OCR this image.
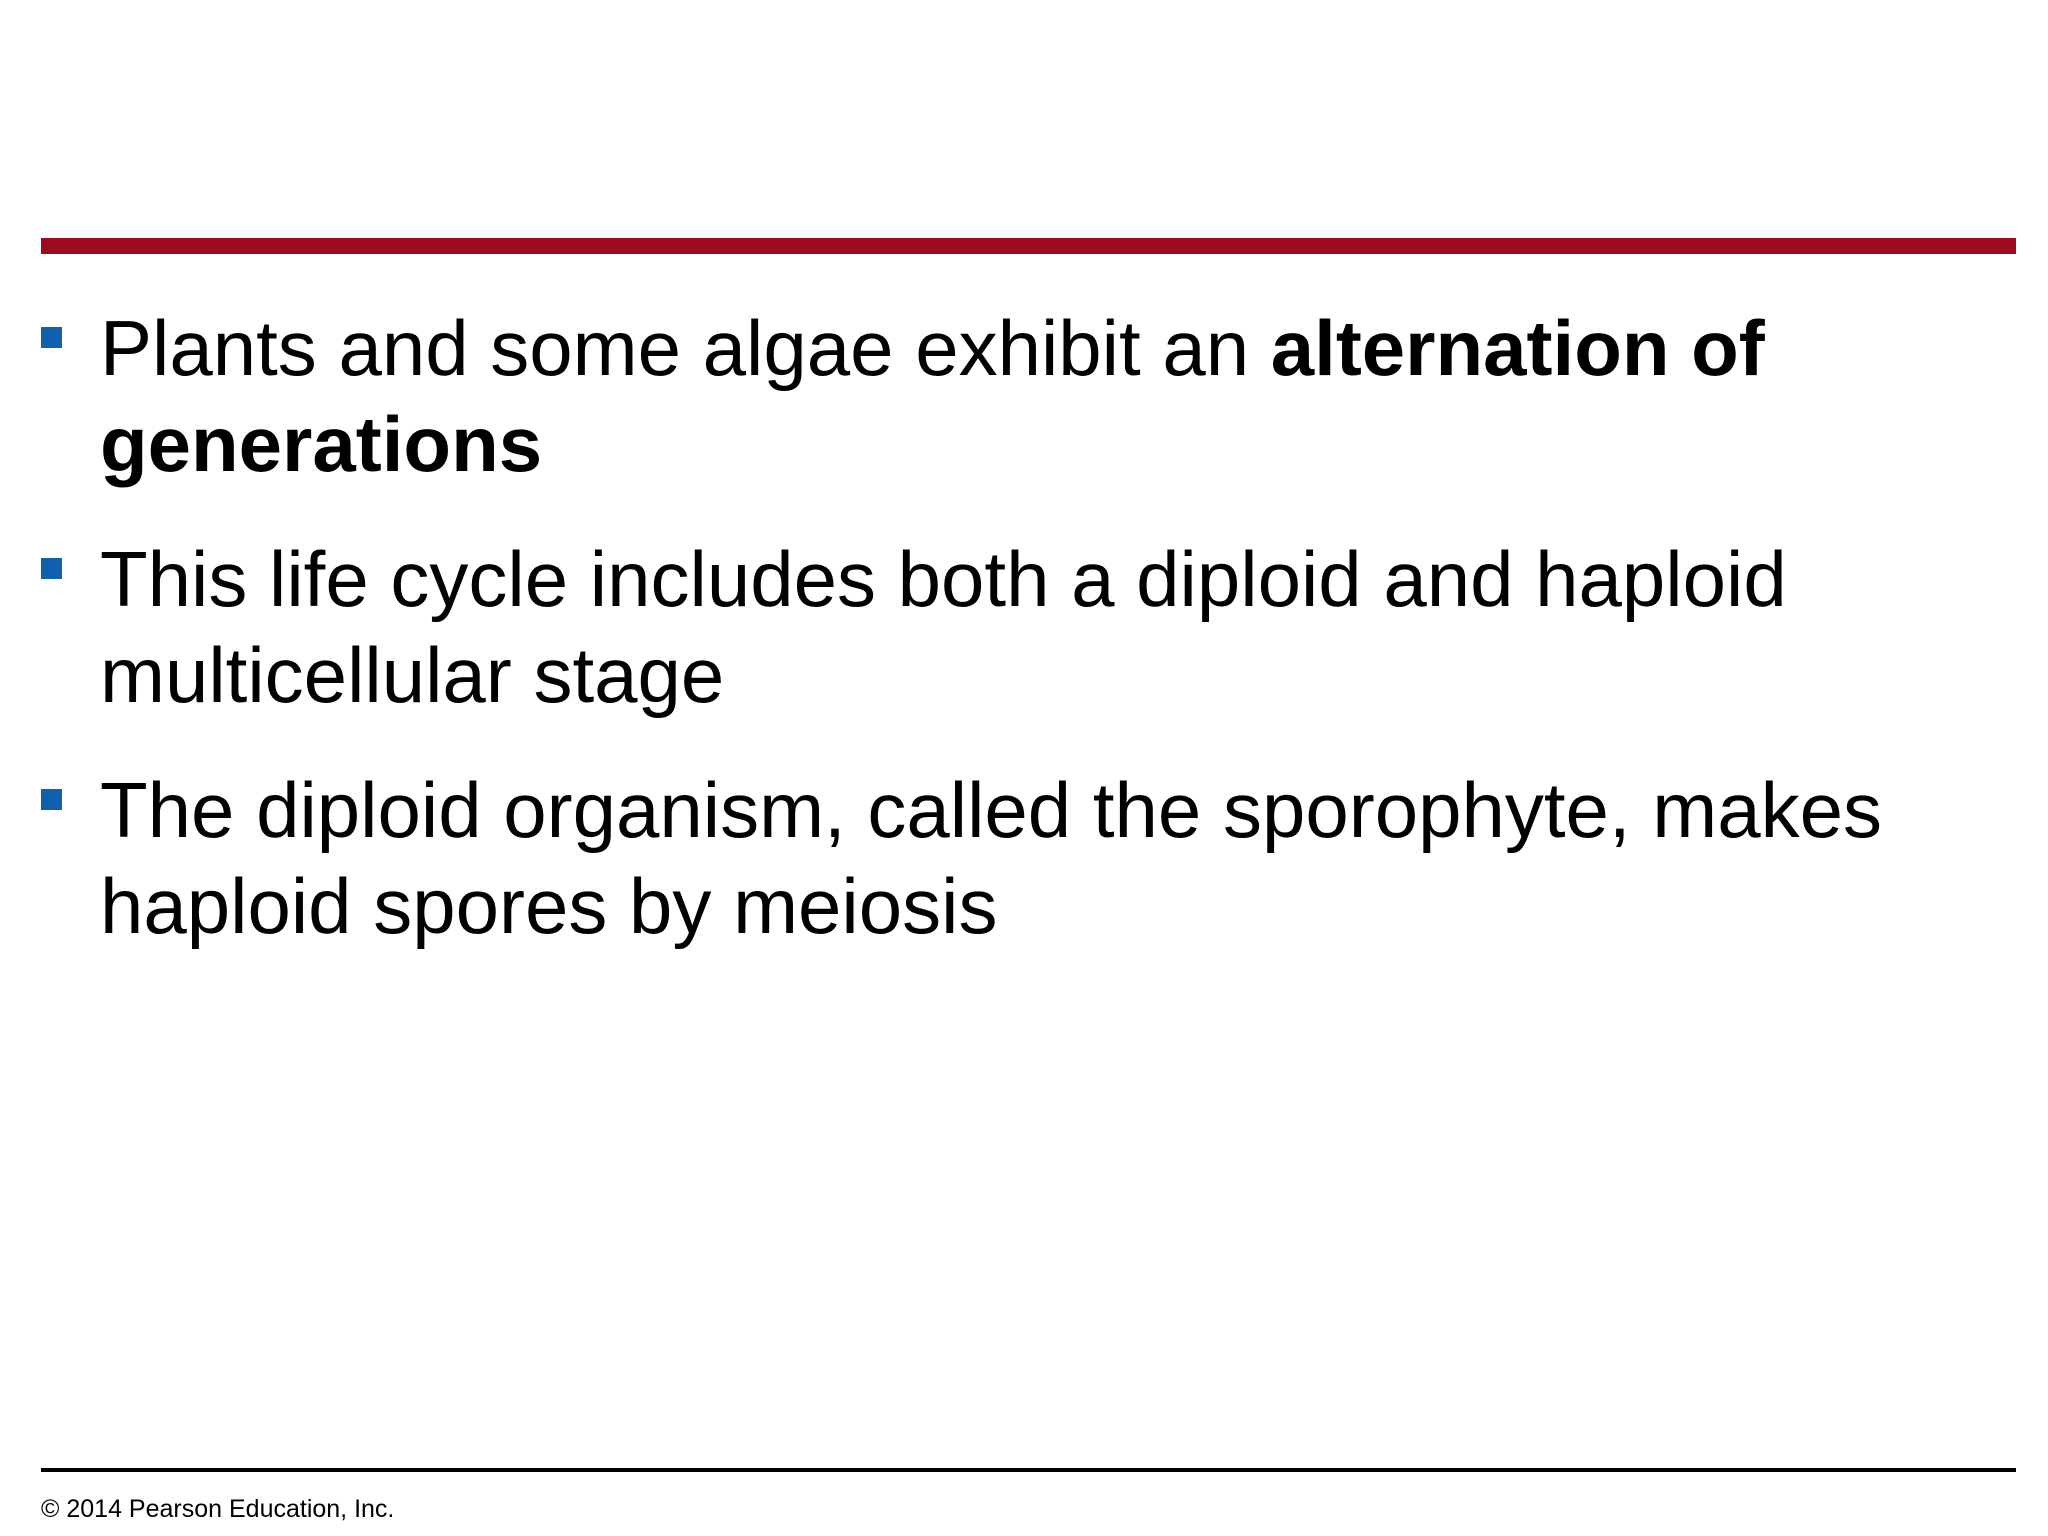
Plants and some algae exhibit an alternation of generations
This life cycle includes both a diploid and haploid multicellular stage
The diploid organism, called the sporophyte, makes haploid spores by meiosis
© 2014 Pearson Education, Inc.
